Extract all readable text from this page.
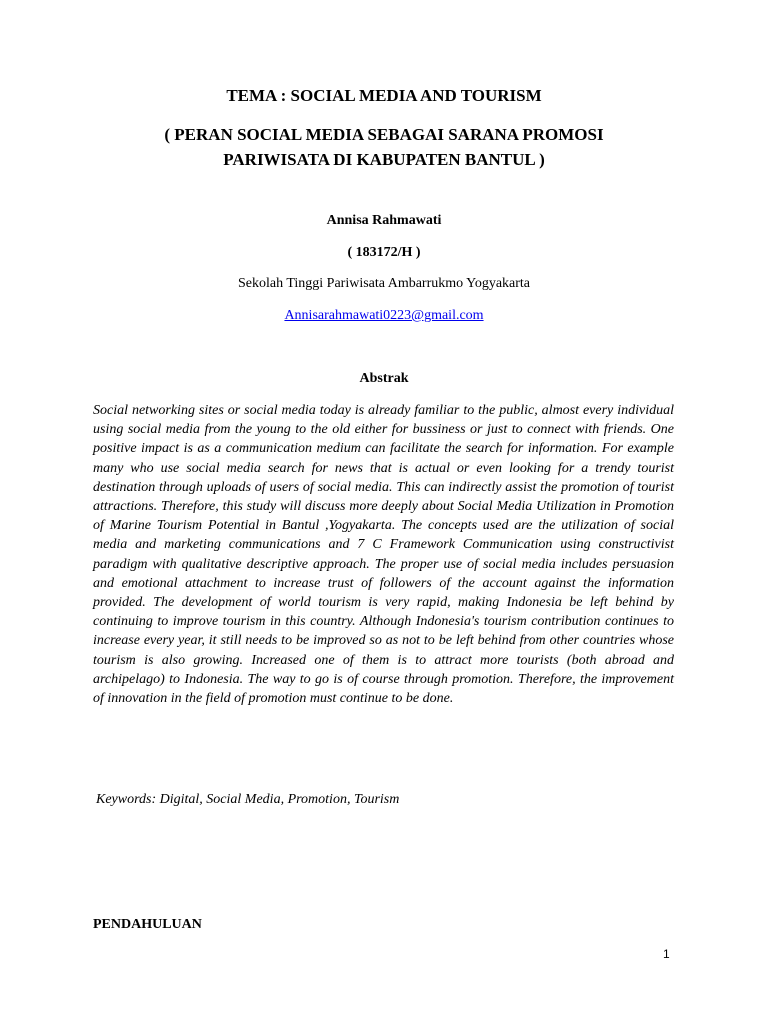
TEMA : SOCIAL MEDIA AND TOURISM
( PERAN SOCIAL MEDIA SEBAGAI SARANA PROMOSI
PARIWISATA DI KABUPATEN BANTUL )
Annisa Rahmawati
( 183172/H )
Sekolah Tinggi Pariwisata Ambarrukmo Yogyakarta
Annisarahmawati0223@gmail.com
Abstrak

Social networking sites or social media today is already familiar to the public, almost every individual using social media from the young to the old either for bussiness or just to connect with friends. One positive impact is as a communication medium can facilitate the search for information. For example many who use social media search for news that is actual or even looking for a trendy tourist destination through uploads of users of social media. This can indirectly assist the promotion of tourist attractions. Therefore, this study will discuss more deeply about Social Media Utilization in Promotion of Marine Tourism Potential in Bantul ,Yogyakarta. The concepts used are the utilization of social media and marketing communications and 7 C Framework Communication using constructivist paradigm with qualitative descriptive approach. The proper use of social media includes persuasion and emotional attachment to increase trust of followers of the account against the information provided. The development of world tourism is very rapid, making Indonesia be left behind by continuing to improve tourism in this country. Although Indonesia's tourism contribution continues to increase every year, it still needs to be improved so as not to be left behind from other countries whose tourism is also growing. Increased one of them is to attract more tourists (both abroad and archipelago) to Indonesia. The way to go is of course through promotion. Therefore, the improvement of innovation in the field of promotion must continue to be done.

Keywords: Digital, Social Media, Promotion, Tourism

PENDAHULUAN

1
